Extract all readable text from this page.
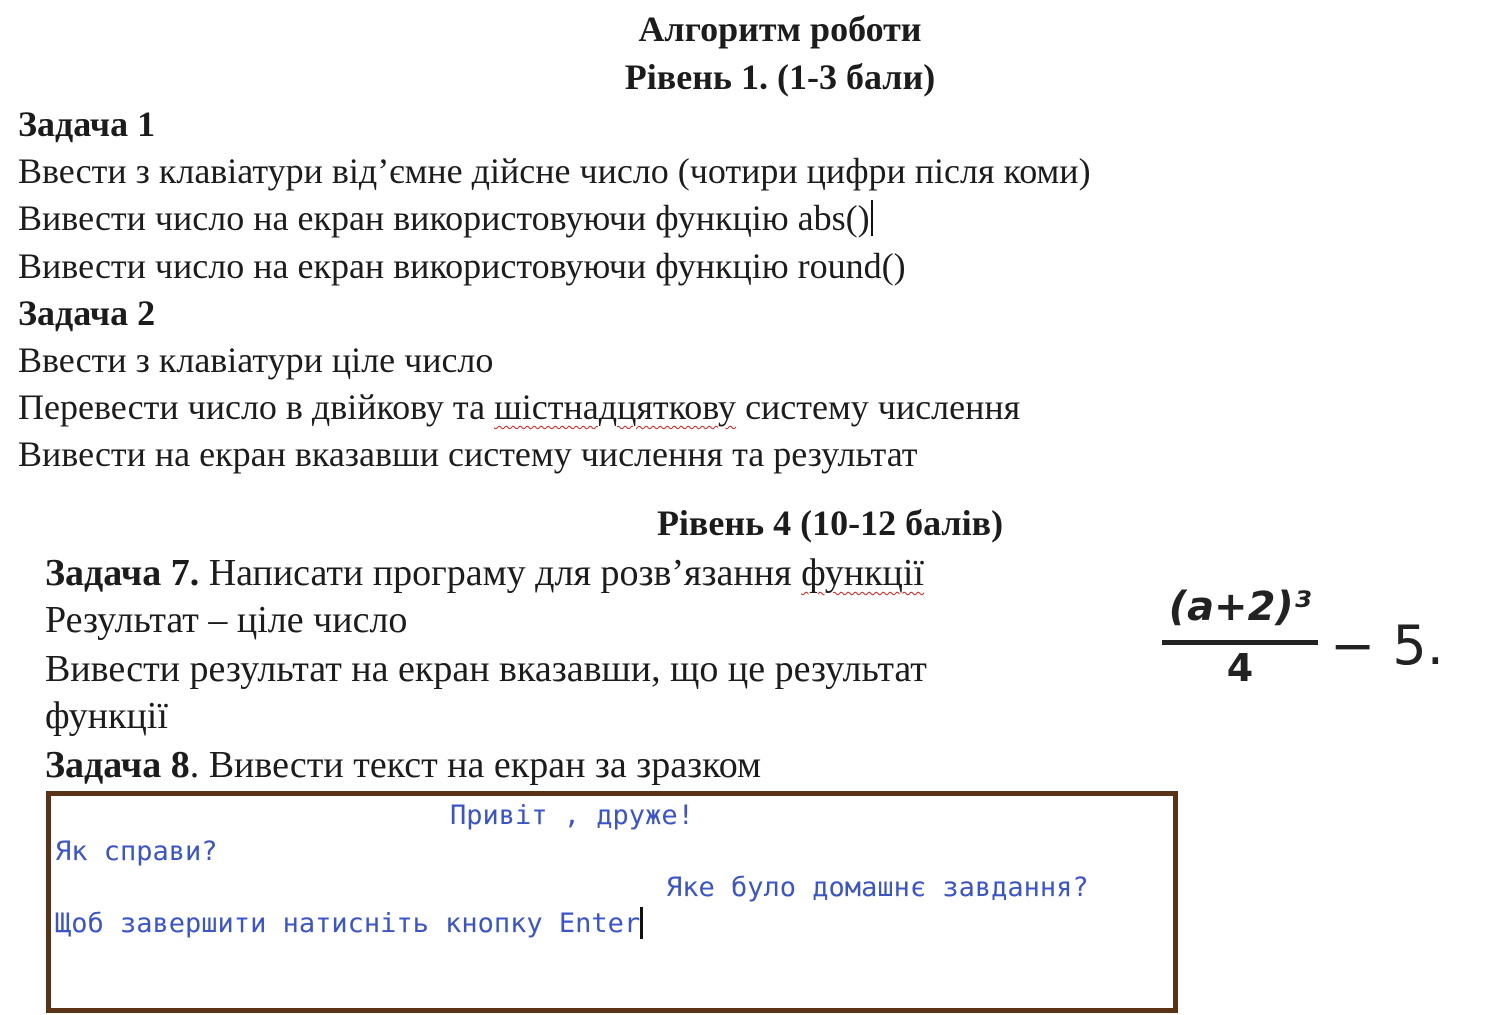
Алгоритм роботи
Рівень 1. (1-3 бали)
Задача 1
Ввести з клавіатури від’ємне дійсне число (чотири цифри після коми)
Вивести число на екран використовуючи функцію abs()
Вивести число на екран використовуючи функцію round()
Задача 2
Ввести з клавіатури ціле число
Перевести число в двійкову та шістнадцяткову систему числення
Вивести на екран вказавши систему числення та результат
Рівень 4 (10-12 балів)
Задача 7. Написати програму для розв’язання функції
Результат – ціле число
Вивести результат на екран вказавши, що це результат
функції
(a+2)³
4	− 5.
Задача 8. Вивести текст на екран за зразком
Привіт , друже!
Як справи?
Яке було домашнє завдання?
Щоб завершити натисніть кнопку Enter
